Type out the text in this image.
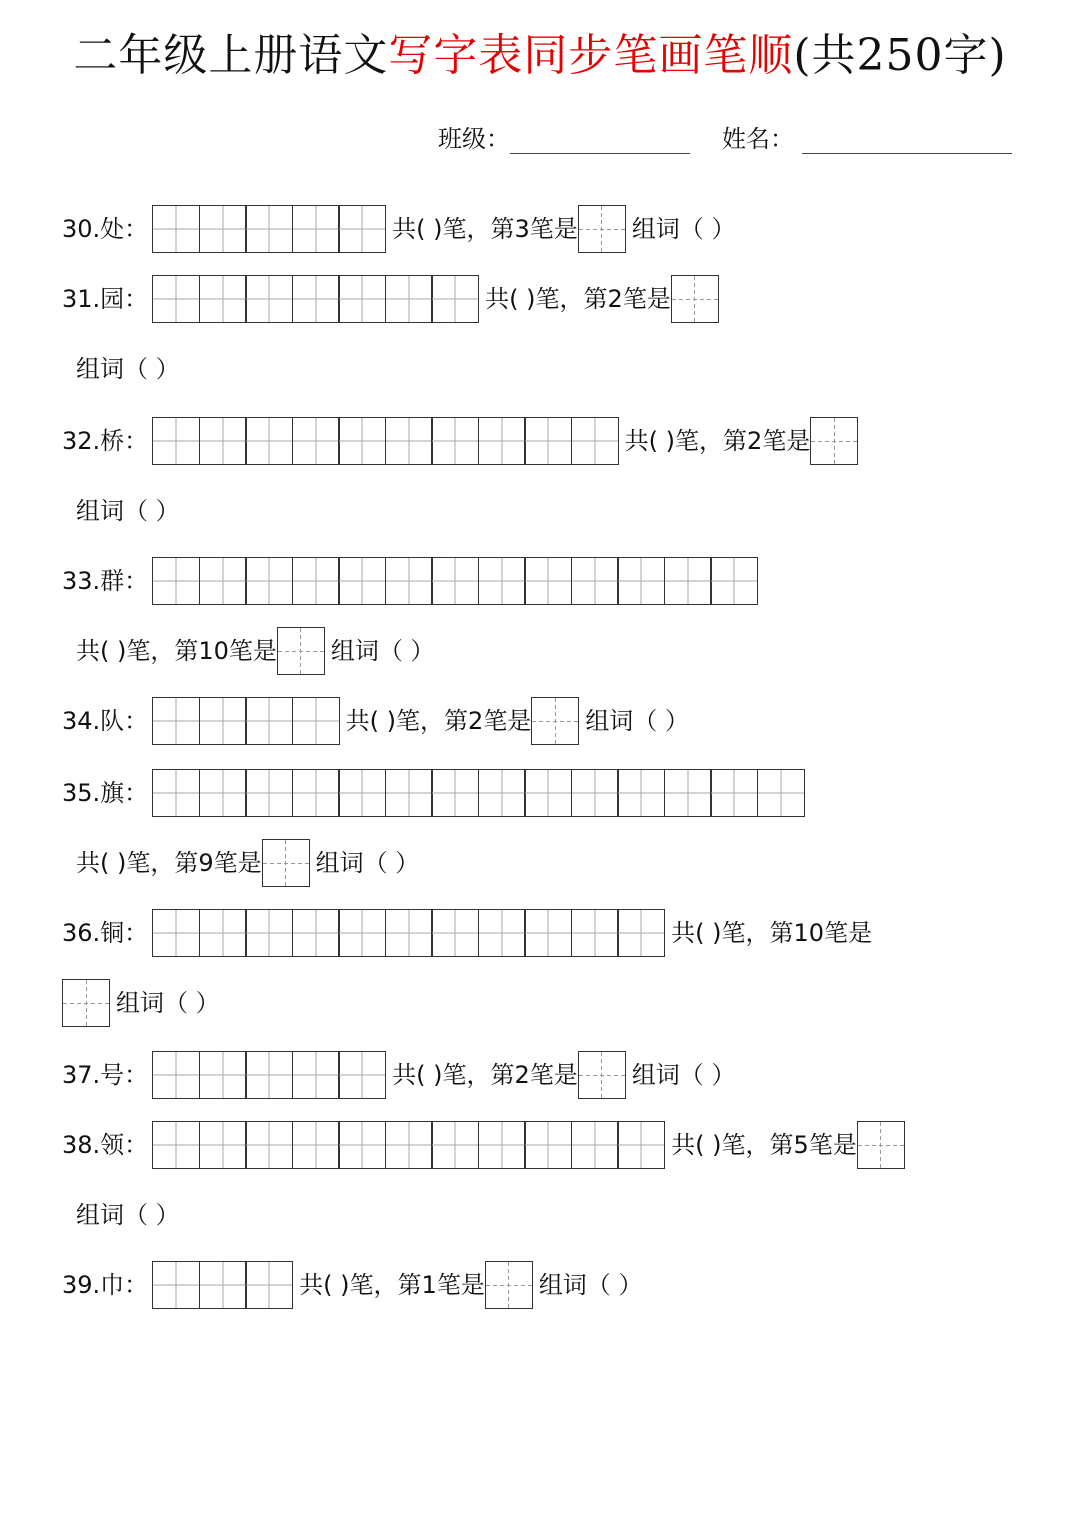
二年级上册语文写字表同步笔画笔顺(共250字)
班级：	姓名：
30.处：	共( )笔，第 3 笔是 组词（ ）
31.园：	共( )笔，第 2 笔是
组词（ ）
32.桥：	共( )笔，第 2 笔是
组词（ ）
33.群：
共( )笔，第 10 笔是 组词（ ）
34.队：	共( )笔，第 2 笔是 组词（ ）
35.旗：
共( )笔，第 9 笔是 组词（ ）
36.铜：	共( )笔，第 10 笔是
组词（ ）
37.号：	共( )笔，第 2 笔是 组词（ ）
38.领：	共( )笔，第 5 笔是
组词（ ）
39.巾：	共( )笔，第 1 笔是 组词（ ）
